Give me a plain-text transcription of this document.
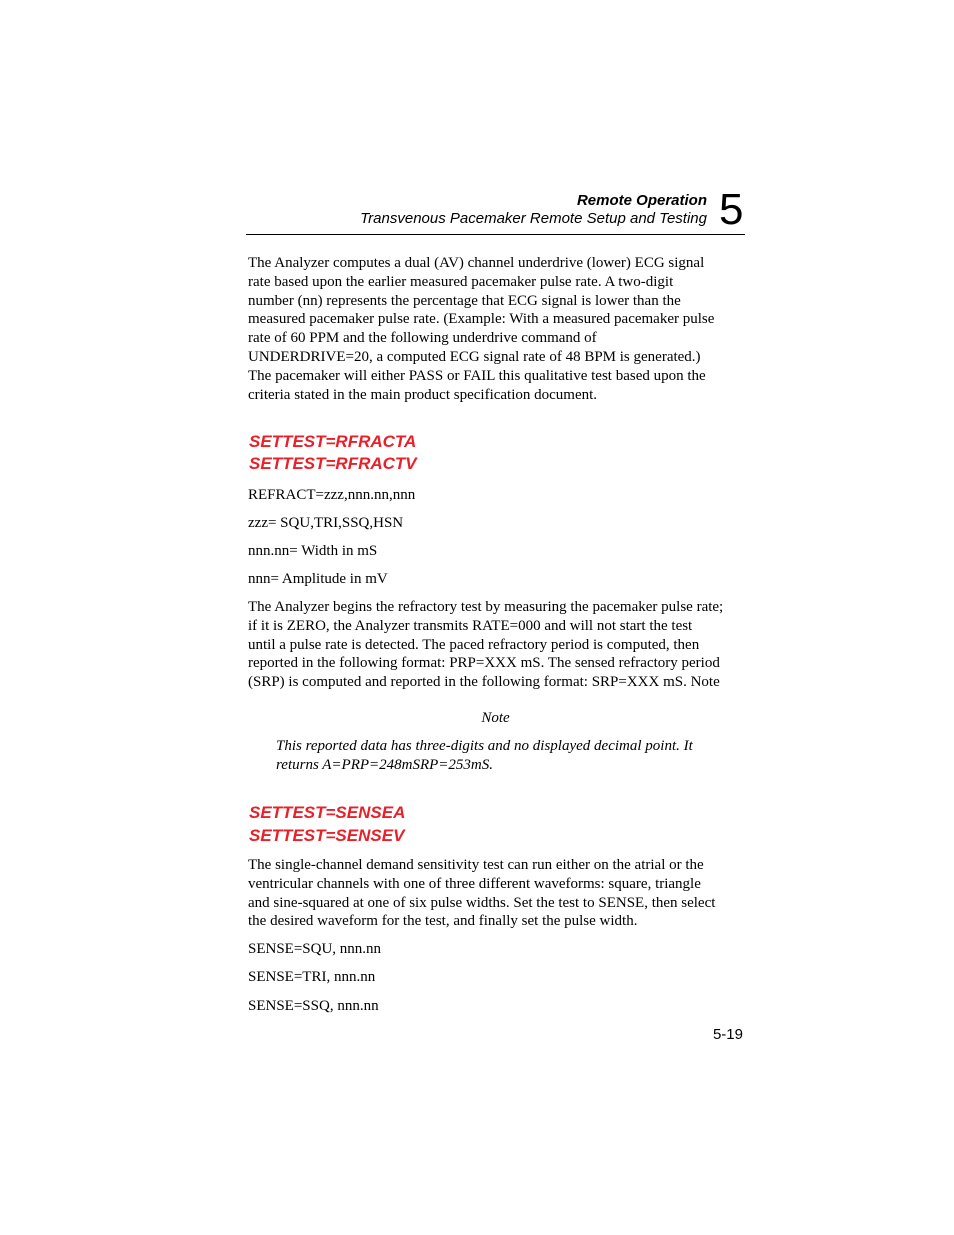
Remote Operation
Transvenous Pacemaker Remote Setup and Testing 5
The Analyzer computes a dual (AV) channel underdrive (lower) ECG signal
rate based upon the earlier measured pacemaker pulse rate. A two-digit
number (nn) represents the percentage that ECG signal is lower than the
measured pacemaker pulse rate. (Example: With a measured pacemaker pulse
rate of 60 PPM and the following underdrive command of
UNDERDRIVE=20, a computed ECG signal rate of 48 BPM is generated.)
The pacemaker will either PASS or FAIL this qualitative test based upon the
criteria stated in the main product specification document.
SETTEST=RFRACTA
SETTEST=RFRACTV
REFRACT=zzz,nnn.nn,nnn
zzz= SQU,TRI,SSQ,HSN
nnn.nn= Width in mS
nnn= Amplitude in mV
The Analyzer begins the refractory test by measuring the pacemaker pulse rate;
if it is ZERO, the Analyzer transmits RATE=000 and will not start the test
until a pulse rate is detected. The paced refractory period is computed, then
reported in the following format: PRP=XXX mS. The sensed refractory period
(SRP) is computed and reported in the following format: SRP=XXX mS. Note
Note
This reported data has three-digits and no displayed decimal point. It
returns A=PRP=248mSRP=253mS.
SETTEST=SENSEA
SETTEST=SENSEV
The single-channel demand sensitivity test can run either on the atrial or the
ventricular channels with one of three different waveforms: square, triangle
and sine-squared at one of six pulse widths. Set the test to SENSE, then select
the desired waveform for the test, and finally set the pulse width.
SENSE=SQU, nnn.nn
SENSE=TRI, nnn.nn
SENSE=SSQ, nnn.nn
5-19
